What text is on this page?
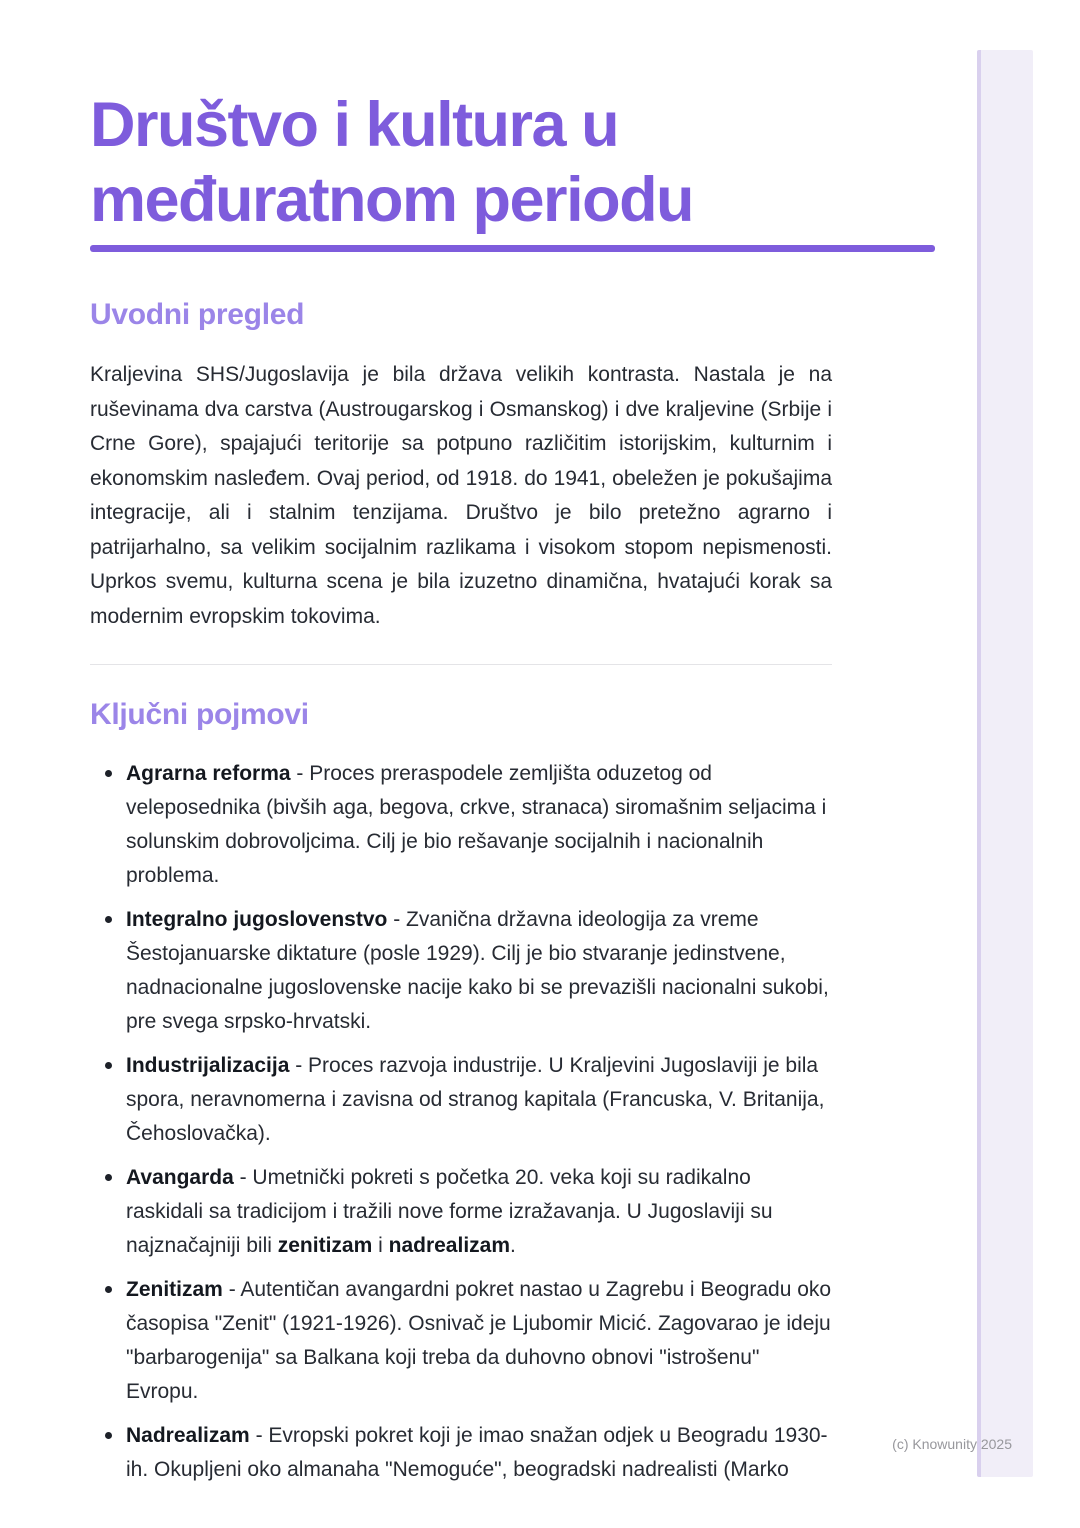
Društvo i kultura u međuratnom periodu
Uvodni pregled

Kraljevina SHS/Jugoslavija je bila država velikih kontrasta. Nastala je na ruševinama dva carstva (Austrougarskog i Osmanskog) i dve kraljevine (Srbije i Crne Gore), spajajući teritorije sa potpuno različitim istorijskim, kulturnim i ekonomskim nasleđem. Ovaj period, od 1918. do 1941, obeležen je pokušajima integracije, ali i stalnim tenzijama. Društvo je bilo pretežno agrarno i patrijarhalno, sa velikim socijalnim razlikama i visokom stopom nepismenosti. Uprkos svemu, kulturna scena je bila izuzetno dinamična, hvatajući korak sa modernim evropskim tokovima.

Ključni pojmovi
Agrarna reforma - Proces preraspodele zemljišta oduzetog od veleposednika (bivših aga, begova, crkve, stranaca) siromašnim seljacima i solunskim dobrovoljcima. Cilj je bio rešavanje socijalnih i nacionalnih problema.
Integralno jugoslovenstvo - Zvanična državna ideologija za vreme Šestojanuarske diktature (posle 1929). Cilj je bio stvaranje jedinstvene, nadnacionalne jugoslovenske nacije kako bi se prevazišli nacionalni sukobi, pre svega srpsko-hrvatski.
Industrijalizacija - Proces razvoja industrije. U Kraljevini Jugoslaviji je bila spora, neravnomerna i zavisna od stranog kapitala (Francuska, V. Britanija, Čehoslovačka).
Avangarda - Umetnički pokreti s početka 20. veka koji su radikalno raskidali sa tradicijom i tražili nove forme izražavanja. U Jugoslaviji su najznačajniji bili zenitizam i nadrealizam.
Zenitizam - Autentičan avangardni pokret nastao u Zagrebu i Beogradu oko časopisa "Zenit" (1921-1926). Osnivač je Ljubomir Micić. Zagovarao je ideju "barbarogenija" sa Balkana koji treba da duhovno obnovi "istrošenu" Evropu.
Nadrealizam - Evropski pokret koji je imao snažan odjek u Beogradu 1930-ih. Okupljeni oko almanaha "Nemoguće", beogradski nadrealisti (Marko
(c) Knowunity 2025
